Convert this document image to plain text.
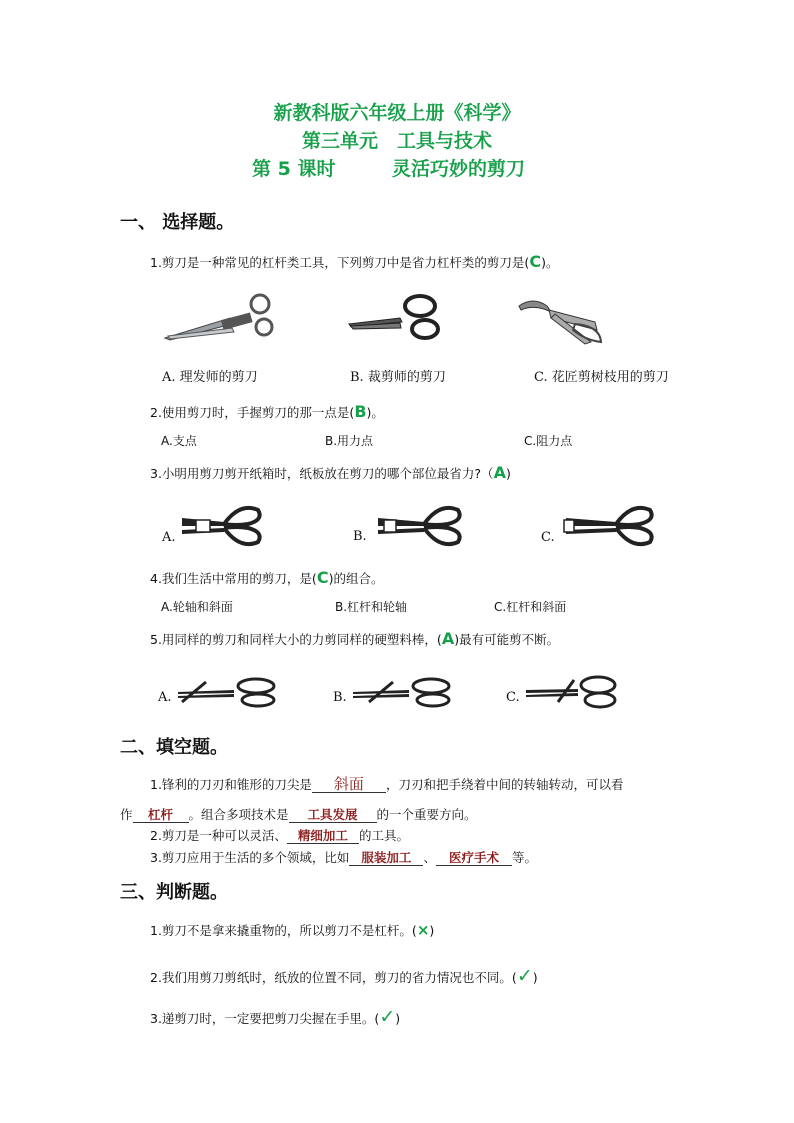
新教科版六年级上册《科学》
第三单元　工具与技术
第 5 课时	灵活巧妙的剪刀
一、 选择题。
1.剪刀是一种常见的杠杆类工具，下列剪刀中是省力杠杆类的剪刀是(C)。
A. 理发师的剪刀	B. 裁剪师的剪刀	C. 花匠剪树枝用的剪刀
2.使用剪刀时，手握剪刀的那一点是(B)。
A.支点	B.用力点	C.阻力点
3.小明用剪刀剪开纸箱时，纸板放在剪刀的哪个部位最省力?（A)
A.	B.	C.
4.我们生活中常用的剪刀，是(C)的组合。
A.轮轴和斜面	B.杠杆和轮轴	C.杠杆和斜面
5.用同样的剪刀和同样大小的力剪同样的硬塑料棒，(A)最有可能剪不断。
A.	B.	C.
二、填空题。
1.锋利的刀刃和锥形的刀尖是 斜面 ，刀刃和把手绕着中间的转轴转动，可以看
作 杠杆 。组合多项技术是 工具发展 的一个重要方向。
2.剪刀是一种可以灵活、 精细加工 的工具。
3.剪刀应用于生活的多个领域，比如 服装加工 、 医疗手术 等。
三、判断题。
1.剪刀不是拿来撬重物的，所以剪刀不是杠杆。(×)
2.我们用剪刀剪纸时，纸放的位置不同，剪刀的省力情况也不同。(✓)
3.递剪刀时，一定要把剪刀尖握在手里。(✓)
